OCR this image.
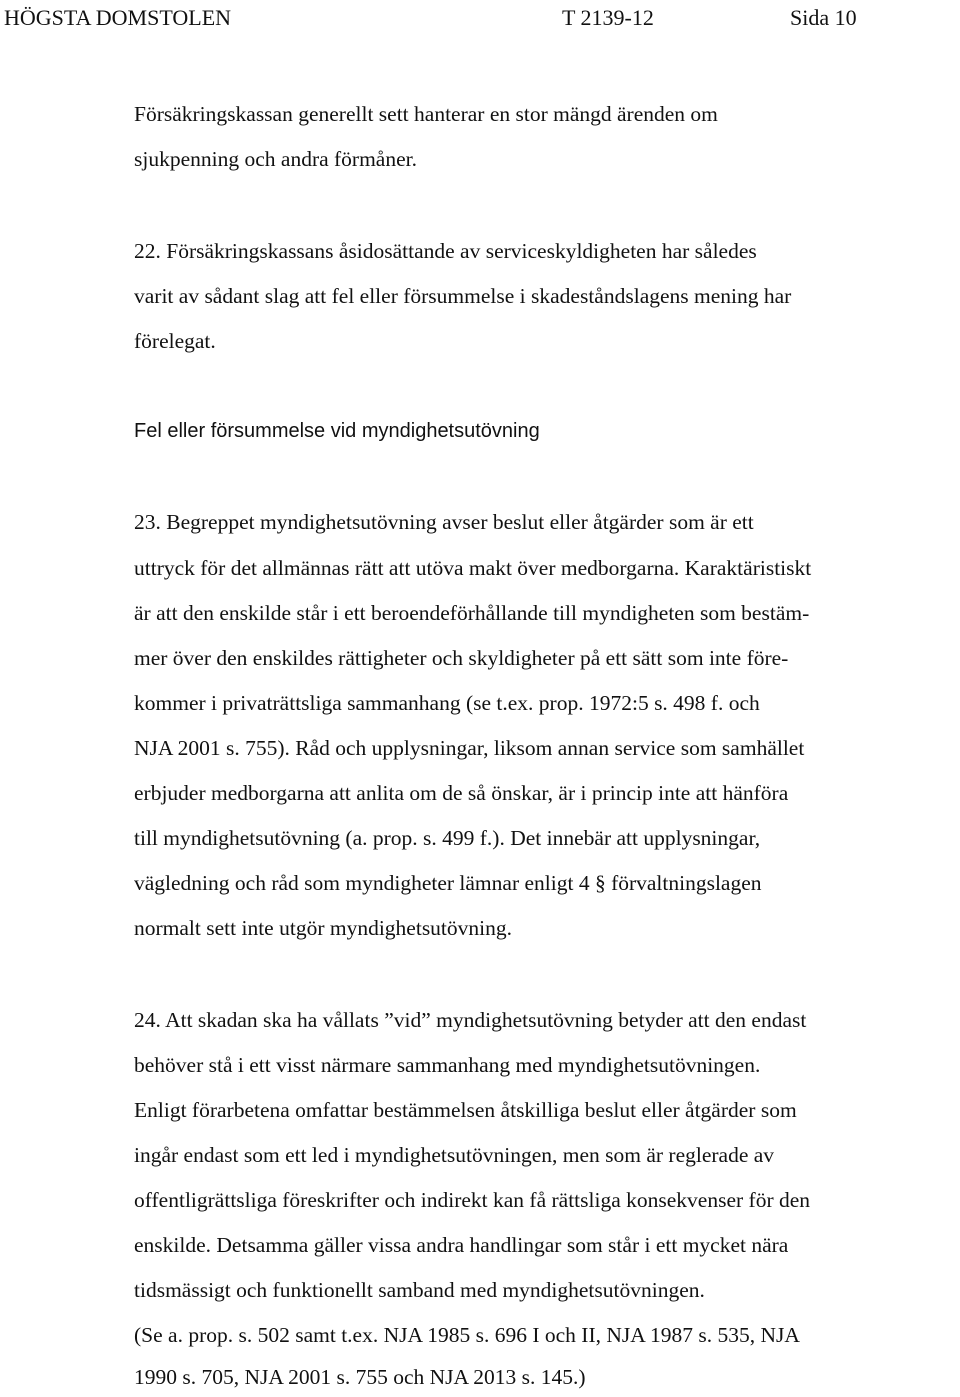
HÖGSTA DOMSTOLEN	T 2139-12	Sida 10
Försäkringskassan generellt sett hanterar en stor mängd ärenden om
sjukpenning och andra förmåner.
22. Försäkringskassans åsidosättande av serviceskyldigheten har således
varit av sådant slag att fel eller försummelse i skadeståndslagens mening har
förelegat.
Fel eller försummelse vid myndighetsutövning
23. Begreppet myndighetsutövning avser beslut eller åtgärder som är ett
uttryck för det allmännas rätt att utöva makt över medborgarna. Karaktäristiskt
är att den enskilde står i ett beroendeförhållande till myndigheten som bestäm-
mer över den enskildes rättigheter och skyldigheter på ett sätt som inte före-
kommer i privaträttsliga sammanhang (se t.ex. prop. 1972:5 s. 498 f. och
NJA 2001 s. 755). Råd och upplysningar, liksom annan service som samhället
erbjuder medborgarna att anlita om de så önskar, är i princip inte att hänföra
till myndighetsutövning (a. prop. s. 499 f.). Det innebär att upplysningar,
vägledning och råd som myndigheter lämnar enligt 4 § förvaltningslagen
normalt sett inte utgör myndighetsutövning.
24. Att skadan ska ha vållats ”vid” myndighetsutövning betyder att den endast
behöver stå i ett visst närmare sammanhang med myndighetsutövningen.
Enligt förarbetena omfattar bestämmelsen åtskilliga beslut eller åtgärder som
ingår endast som ett led i myndighetsutövningen, men som är reglerade av
offentligrättsliga föreskrifter och indirekt kan få rättsliga konsekvenser för den
enskilde. Detsamma gäller vissa andra handlingar som står i ett mycket nära
tidsmässigt och funktionellt samband med myndighetsutövningen.
(Se a. prop. s. 502 samt t.ex. NJA 1985 s. 696 I och II, NJA 1987 s. 535, NJA
1990 s. 705, NJA 2001 s. 755 och NJA 2013 s. 145.)
